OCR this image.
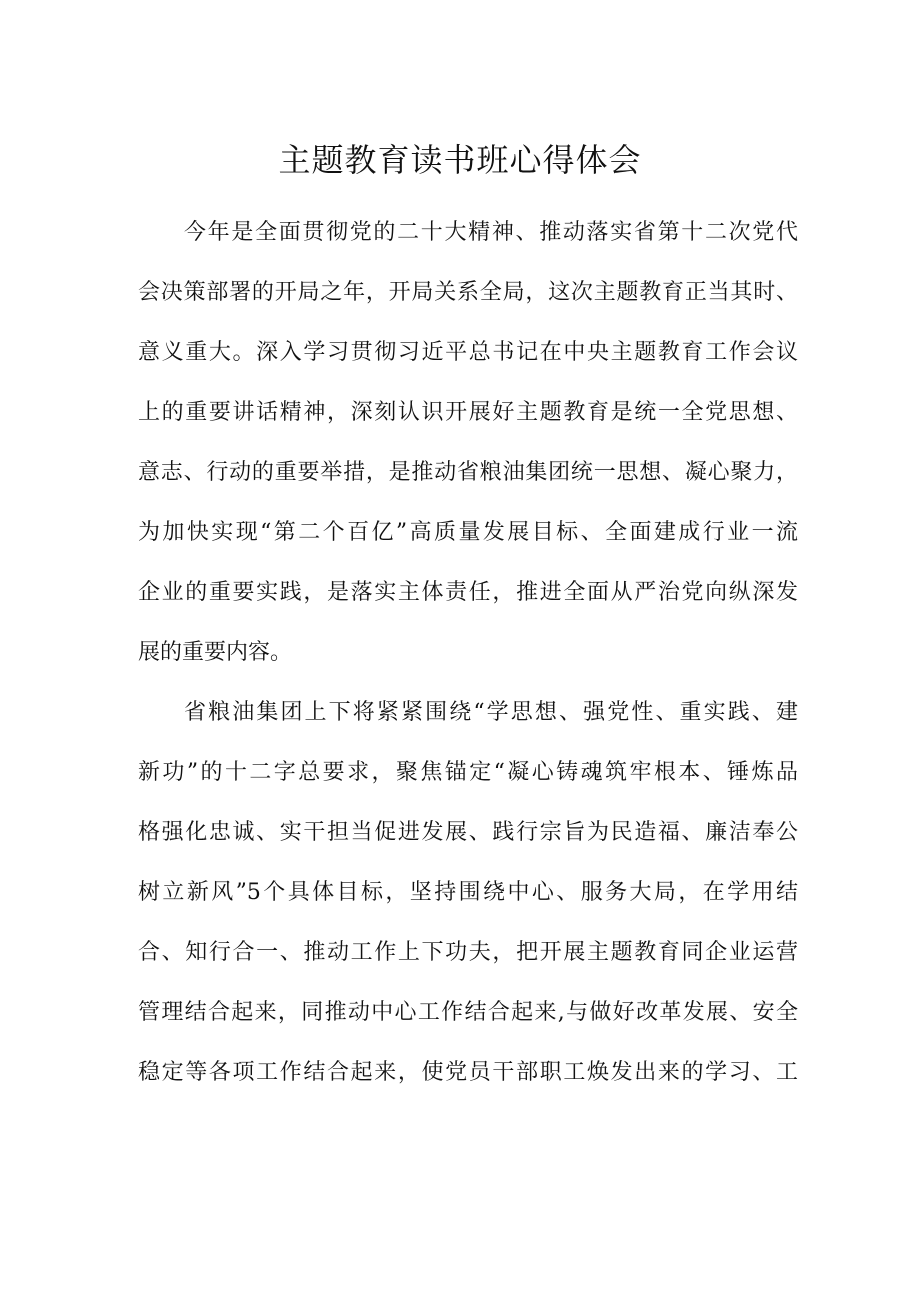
主题教育读书班心得体会

今年是全面贯彻党的二十大精神、推动落实省第十二次党代

会决策部署的开局之年，开局关系全局，这次主题教育正当其时、

意义重大。深入学习贯彻习近平总书记在中央主题教育工作会议

上的重要讲话精神，深刻认识开展好主题教育是统一全党思想、

意志、行动的重要举措，是推动省粮油集团统一思想、凝心聚力，

为加快实现“第二个百亿”高质量发展目标、全面建成行业一流

企业的重要实践，是落实主体责任，推进全面从严治党向纵深发

展的重要内容。

省粮油集团上下将紧紧围绕“学思想、强党性、重实践、建

新功”的十二字总要求，聚焦锚定“凝心铸魂筑牢根本、锤炼品

格强化忠诚、实干担当促进发展、践行宗旨为民造福、廉洁奉公

树立新风”5个具体目标，坚持围绕中心、服务大局，在学用结

合、知行合一、推动工作上下功夫，把开展主题教育同企业运营

管理结合起来，同推动中心工作结合起来,与做好改革发展、安全

稳定等各项工作结合起来，使党员干部职工焕发出来的学习、工
